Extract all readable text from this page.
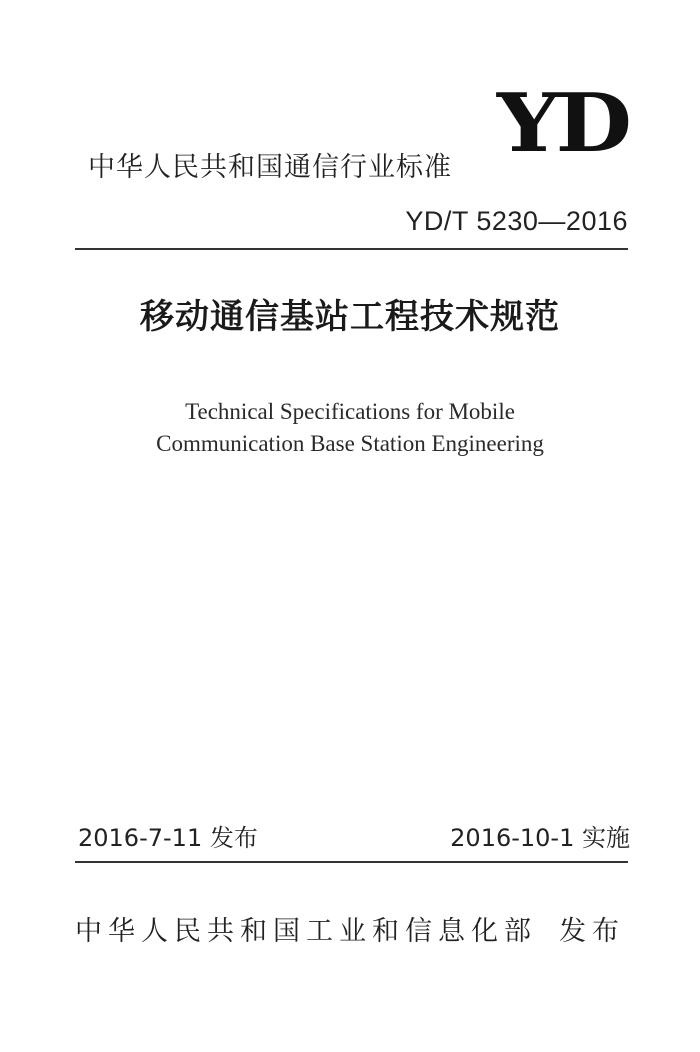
YD
中华人民共和国通信行业标准
YD/T 5230—2016
移动通信基站工程技术规范
Technical Specifications for Mobile
Communication Base Station Engineering
2016-7-11 发布	2016-10-1 实施
中华人民共和国工业和信息化部 发布
